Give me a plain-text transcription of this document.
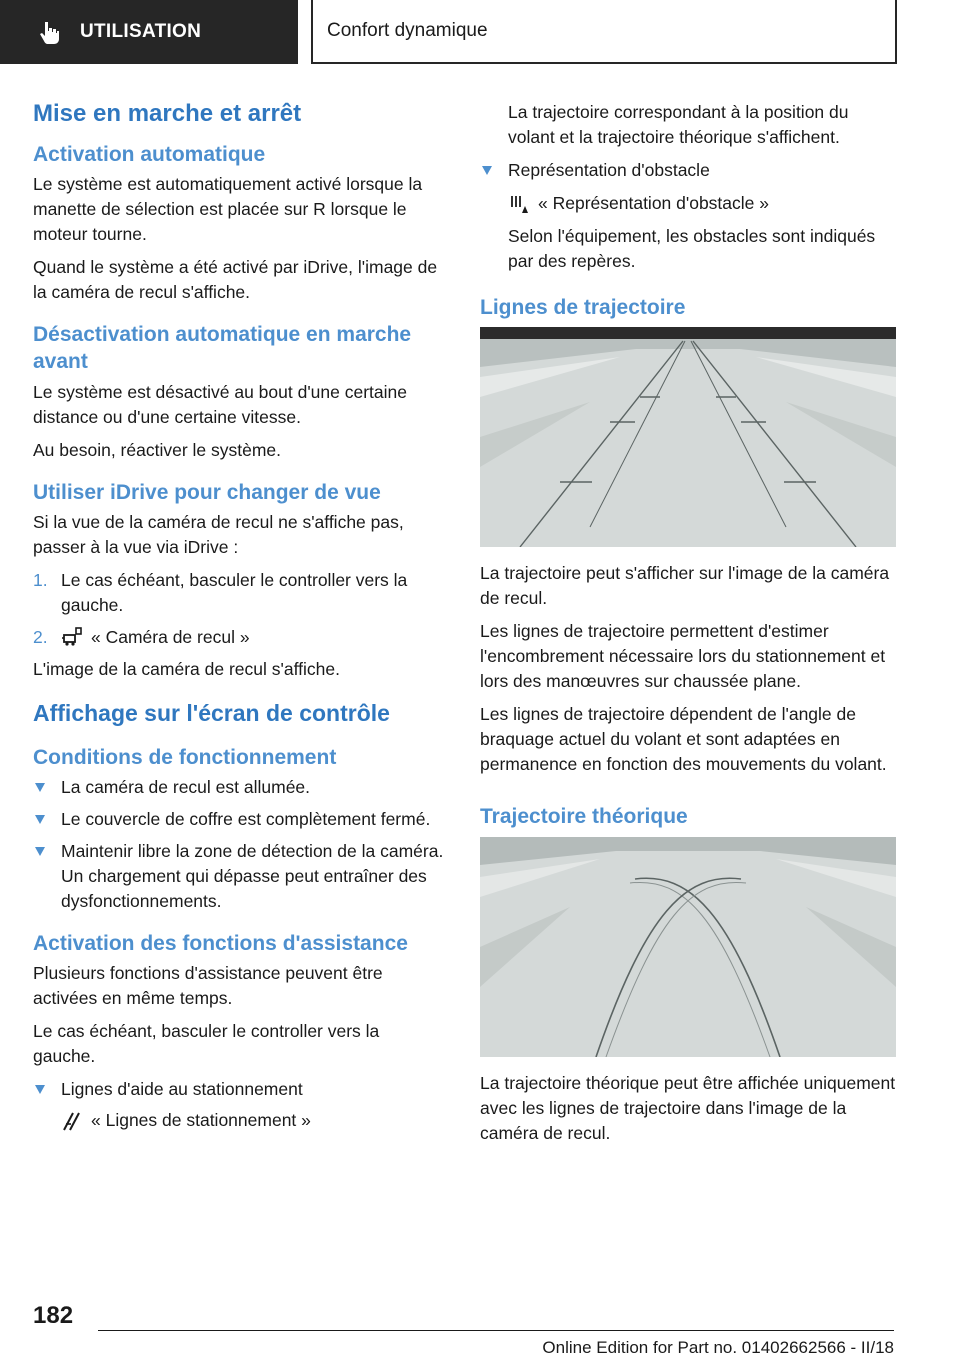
UTILISATION	Confort dynamique
Mise en marche et arrêt
Activation automatique

Le système est automatiquement activé lorsque la manette de sélection est placée sur R lorsque le moteur tourne.

Quand le système a été activé par iDrive, l'image de la caméra de recul s'affiche.

Désactivation automatique en marche avant

Le système est désactivé au bout d'une certaine distance ou d'une certaine vitesse.

Au besoin, réactiver le système.

Utiliser iDrive pour changer de vue

Si la vue de la caméra de recul ne s'affiche pas, passer à la vue via iDrive :

1. Le cas échéant, basculer le controller vers la gauche.
2. « Caméra de recul »

L'image de la caméra de recul s'affiche.

Affichage sur l'écran de contrôle
Conditions de fonctionnement
La caméra de recul est allumée.
Le couvercle de coffre est complètement fermé.
Maintenir libre la zone de détection de la caméra. Un chargement qui dépasse peut entraîner des dysfonctionnements.
Activation des fonctions d'assistance

Plusieurs fonctions d'assistance peuvent être activées en même temps.

Le cas échéant, basculer le controller vers la gauche.

Lignes d'aide au stationnement
« Lignes de stationnement »

La trajectoire correspondant à la position du volant et la trajectoire théorique s'affichent.

Représentation d'obstacle
« Représentation d'obstacle »
Selon l'équipement, les obstacles sont indiqués par des repères.
Lignes de trajectoire

La trajectoire peut s'afficher sur l'image de la caméra de recul.

Les lignes de trajectoire permettent d'estimer l'encombrement nécessaire lors du stationnement et lors des manœuvres sur chaussée plane.

Les lignes de trajectoire dépendent de l'angle de braquage actuel du volant et sont adaptées en permanence en fonction des mouvements du volant.

Trajectoire théorique

La trajectoire théorique peut être affichée uniquement avec les lignes de trajectoire dans l'image de la caméra de recul.

182
Online Edition for Part no. 01402662566 - II/18
